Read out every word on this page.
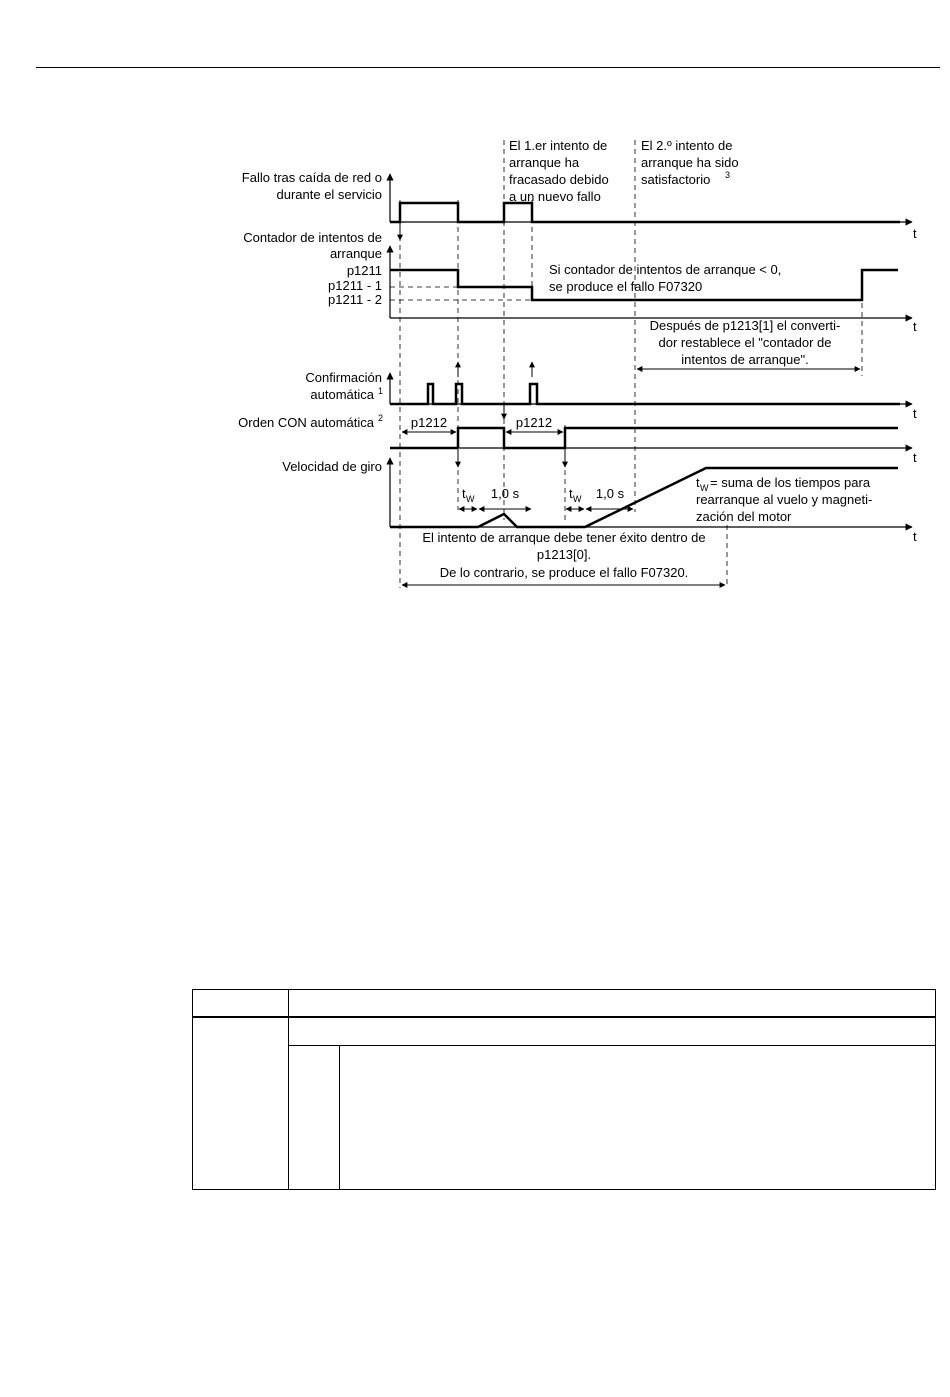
t
t
t
t
t
Fallo tras caída de red o
durante el servicio
Contador de intentos de
arranque
p1211
p1211 - 1
p1211 - 2
Confirmación
automática 1
Orden CON automática 2
Velocidad de giro
El 1.er intento de
arranque ha
fracasado debido
a un nuevo fallo
El 2.º intento de
arranque ha sido
satisfactorio 3
Si contador de intentos de arranque < 0,
se produce el fallo F07320
Después de p1213[1] el converti-
dor restablece el "contador de
intentos de arranque".
p1212	p1212
t W 1,0 s	t W 1,0 s
t W = suma de los tiempos para
rearranque al vuelo y magneti-
zación del motor
El intento de arranque debe tener éxito dentro de
p1213[0].
De lo contrario, se produce el fallo F07320.
